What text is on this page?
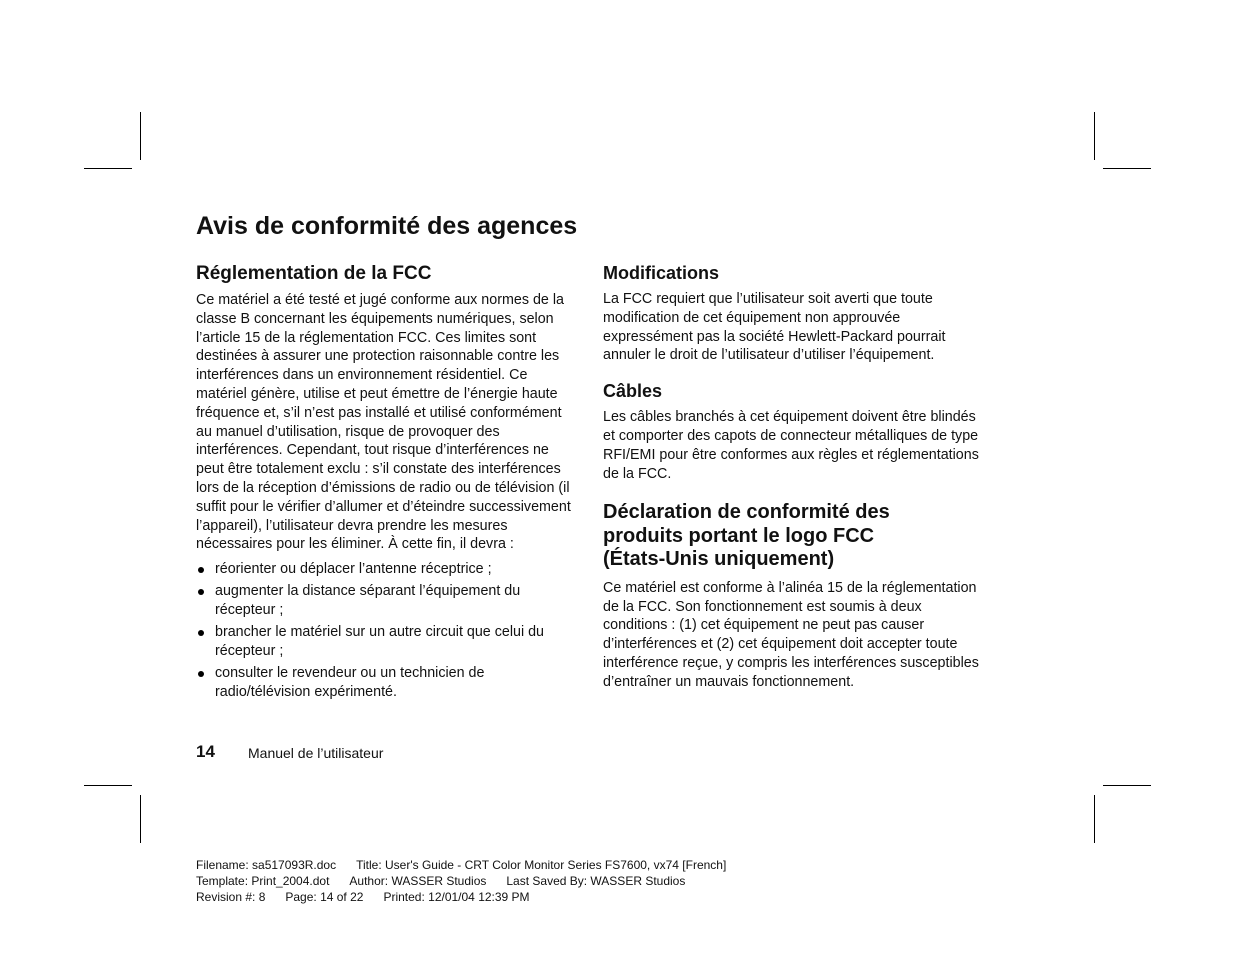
Avis de conformité des agences
Réglementation de la FCC

Ce matériel a été testé et jugé conforme aux normes de la classe B concernant les équipements numériques, selon l’article 15 de la réglementation FCC. Ces limites sont destinées à assurer une protection raisonnable contre les interférences dans un environnement résidentiel. Ce matériel génère, utilise et peut émettre de l’énergie haute fréquence et, s’il n’est pas installé et utilisé conformément au manuel d’utilisation, risque de provoquer des interférences. Cependant, tout risque d’interférences ne peut être totalement exclu : s’il constate des interférences lors de la réception d’émissions de radio ou de télévision (il suffit pour le vérifier d’allumer et d’éteindre successivement l’appareil), l’utilisateur devra prendre les mesures nécessaires pour les éliminer. À cette fin, il devra :

réorienter ou déplacer l’antenne réceptrice ;
augmenter la distance séparant l’équipement du récepteur ;
brancher le matériel sur un autre circuit que celui du récepteur ;
consulter le revendeur ou un technicien de radio/télévision expérimenté.
Modifications

La FCC requiert que l’utilisateur soit averti que toute modification de cet équipement non approuvée expressément pas la société Hewlett-Packard pourrait annuler le droit de l’utilisateur d’utiliser l’équipement.

Câbles

Les câbles branchés à cet équipement doivent être blindés et comporter des capots de connecteur métalliques de type RFI/EMI pour être conformes aux règles et réglementations de la FCC.

Déclaration de conformité des
produits portant le logo FCC
(États-Unis uniquement)

Ce matériel est conforme à l’alinéa 15 de la réglementation de la FCC. Son fonctionnement est soumis à deux conditions : (1) cet équipement ne peut pas causer d’interférences et (2) cet équipement doit accepter toute interférence reçue, y compris les interférences susceptibles d’entraîner un mauvais fonctionnement.

14 Manuel de l’utilisateur
Filename: sa517093R.doc Title: User's Guide - CRT Color Monitor Series FS7600, vx74 [French]
Template: Print_2004.dot Author: WASSER Studios Last Saved By: WASSER Studios
Revision #: 8 Page: 14 of 22 Printed: 12/01/04 12:39 PM
